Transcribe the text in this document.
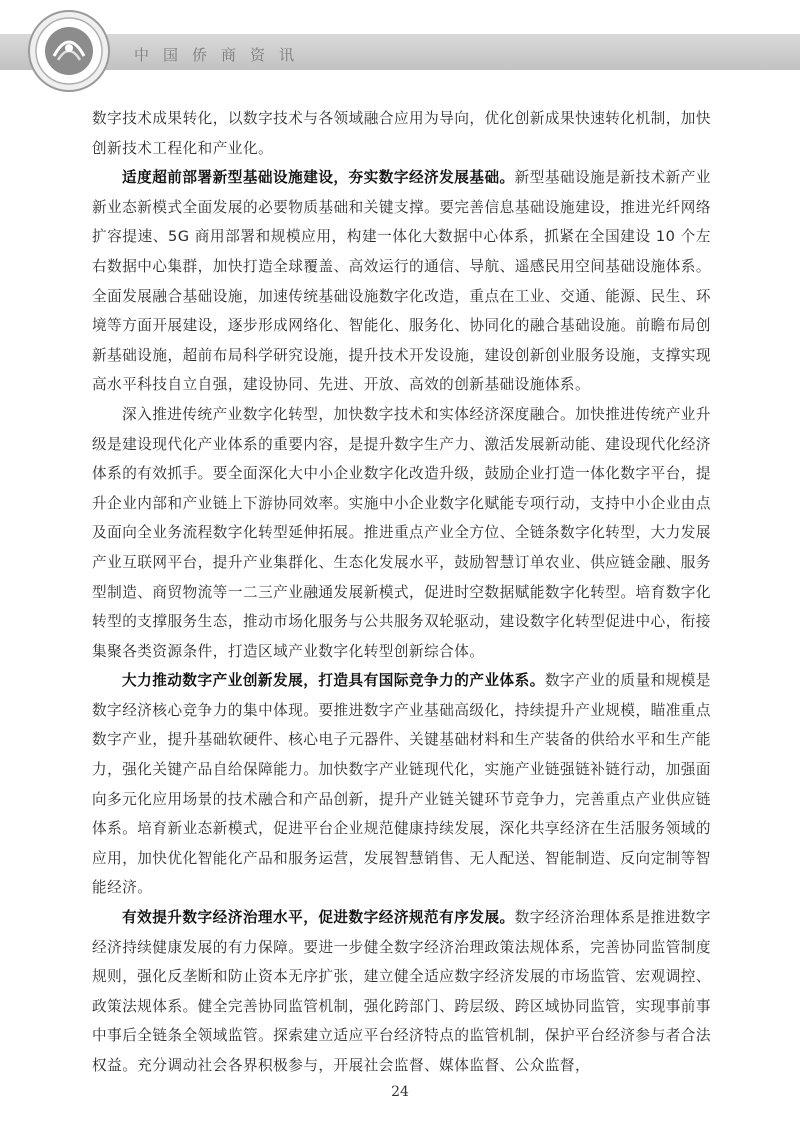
中国侨商资讯

数字技术成果转化，以数字技术与各领域融合应用为导向，优化创新成果快速转化机制，加快创新技术工程化和产业化。

适度超前部署新型基础设施建设，夯实数字经济发展基础。新型基础设施是新技术新产业新业态新模式全面发展的必要物质基础和关键支撑。要完善信息基础设施建设，推进光纤网络扩容提速、5G 商用部署和规模应用，构建一体化大数据中心体系，抓紧在全国建设 10 个左右数据中心集群，加快打造全球覆盖、高效运行的通信、导航、遥感民用空间基础设施体系。全面发展融合基础设施，加速传统基础设施数字化改造，重点在工业、交通、能源、民生、环境等方面开展建设，逐步形成网络化、智能化、服务化、协同化的融合基础设施。前瞻布局创新基础设施，超前布局科学研究设施，提升技术开发设施，建设创新创业服务设施，支撑实现高水平科技自立自强，建设协同、先进、开放、高效的创新基础设施体系。

深入推进传统产业数字化转型，加快数字技术和实体经济深度融合。加快推进传统产业升级是建设现代化产业体系的重要内容，是提升数字生产力、激活发展新动能、建设现代化经济体系的有效抓手。要全面深化大中小企业数字化改造升级，鼓励企业打造一体化数字平台，提升企业内部和产业链上下游协同效率。实施中小企业数字化赋能专项行动，支持中小企业由点及面向全业务流程数字化转型延伸拓展。推进重点产业全方位、全链条数字化转型，大力发展产业互联网平台，提升产业集群化、生态化发展水平，鼓励智慧订单农业、供应链金融、服务型制造、商贸物流等一二三产业融通发展新模式，促进时空数据赋能数字化转型。培育数字化转型的支撑服务生态，推动市场化服务与公共服务双轮驱动，建设数字化转型促进中心，衔接集聚各类资源条件，打造区域产业数字化转型创新综合体。

大力推动数字产业创新发展，打造具有国际竞争力的产业体系。数字产业的质量和规模是数字经济核心竞争力的集中体现。要推进数字产业基础高级化，持续提升产业规模，瞄准重点数字产业，提升基础软硬件、核心电子元器件、关键基础材料和生产装备的供给水平和生产能力，强化关键产品自给保障能力。加快数字产业链现代化，实施产业链强链补链行动，加强面向多元化应用场景的技术融合和产品创新，提升产业链关键环节竞争力，完善重点产业供应链体系。培育新业态新模式，促进平台企业规范健康持续发展，深化共享经济在生活服务领域的应用，加快优化智能化产品和服务运营，发展智慧销售、无人配送、智能制造、反向定制等智能经济。

有效提升数字经济治理水平，促进数字经济规范有序发展。数字经济治理体系是推进数字经济持续健康发展的有力保障。要进一步健全数字经济治理政策法规体系，完善协同监管制度规则，强化反垄断和防止资本无序扩张，建立健全适应数字经济发展的市场监管、宏观调控、政策法规体系。健全完善协同监管机制，强化跨部门、跨层级、跨区域协同监管，实现事前事中事后全链条全领域监管。探索建立适应平台经济特点的监管机制，保护平台经济参与者合法权益。充分调动社会各界积极参与，开展社会监督、媒体监督、公众监督，

24
